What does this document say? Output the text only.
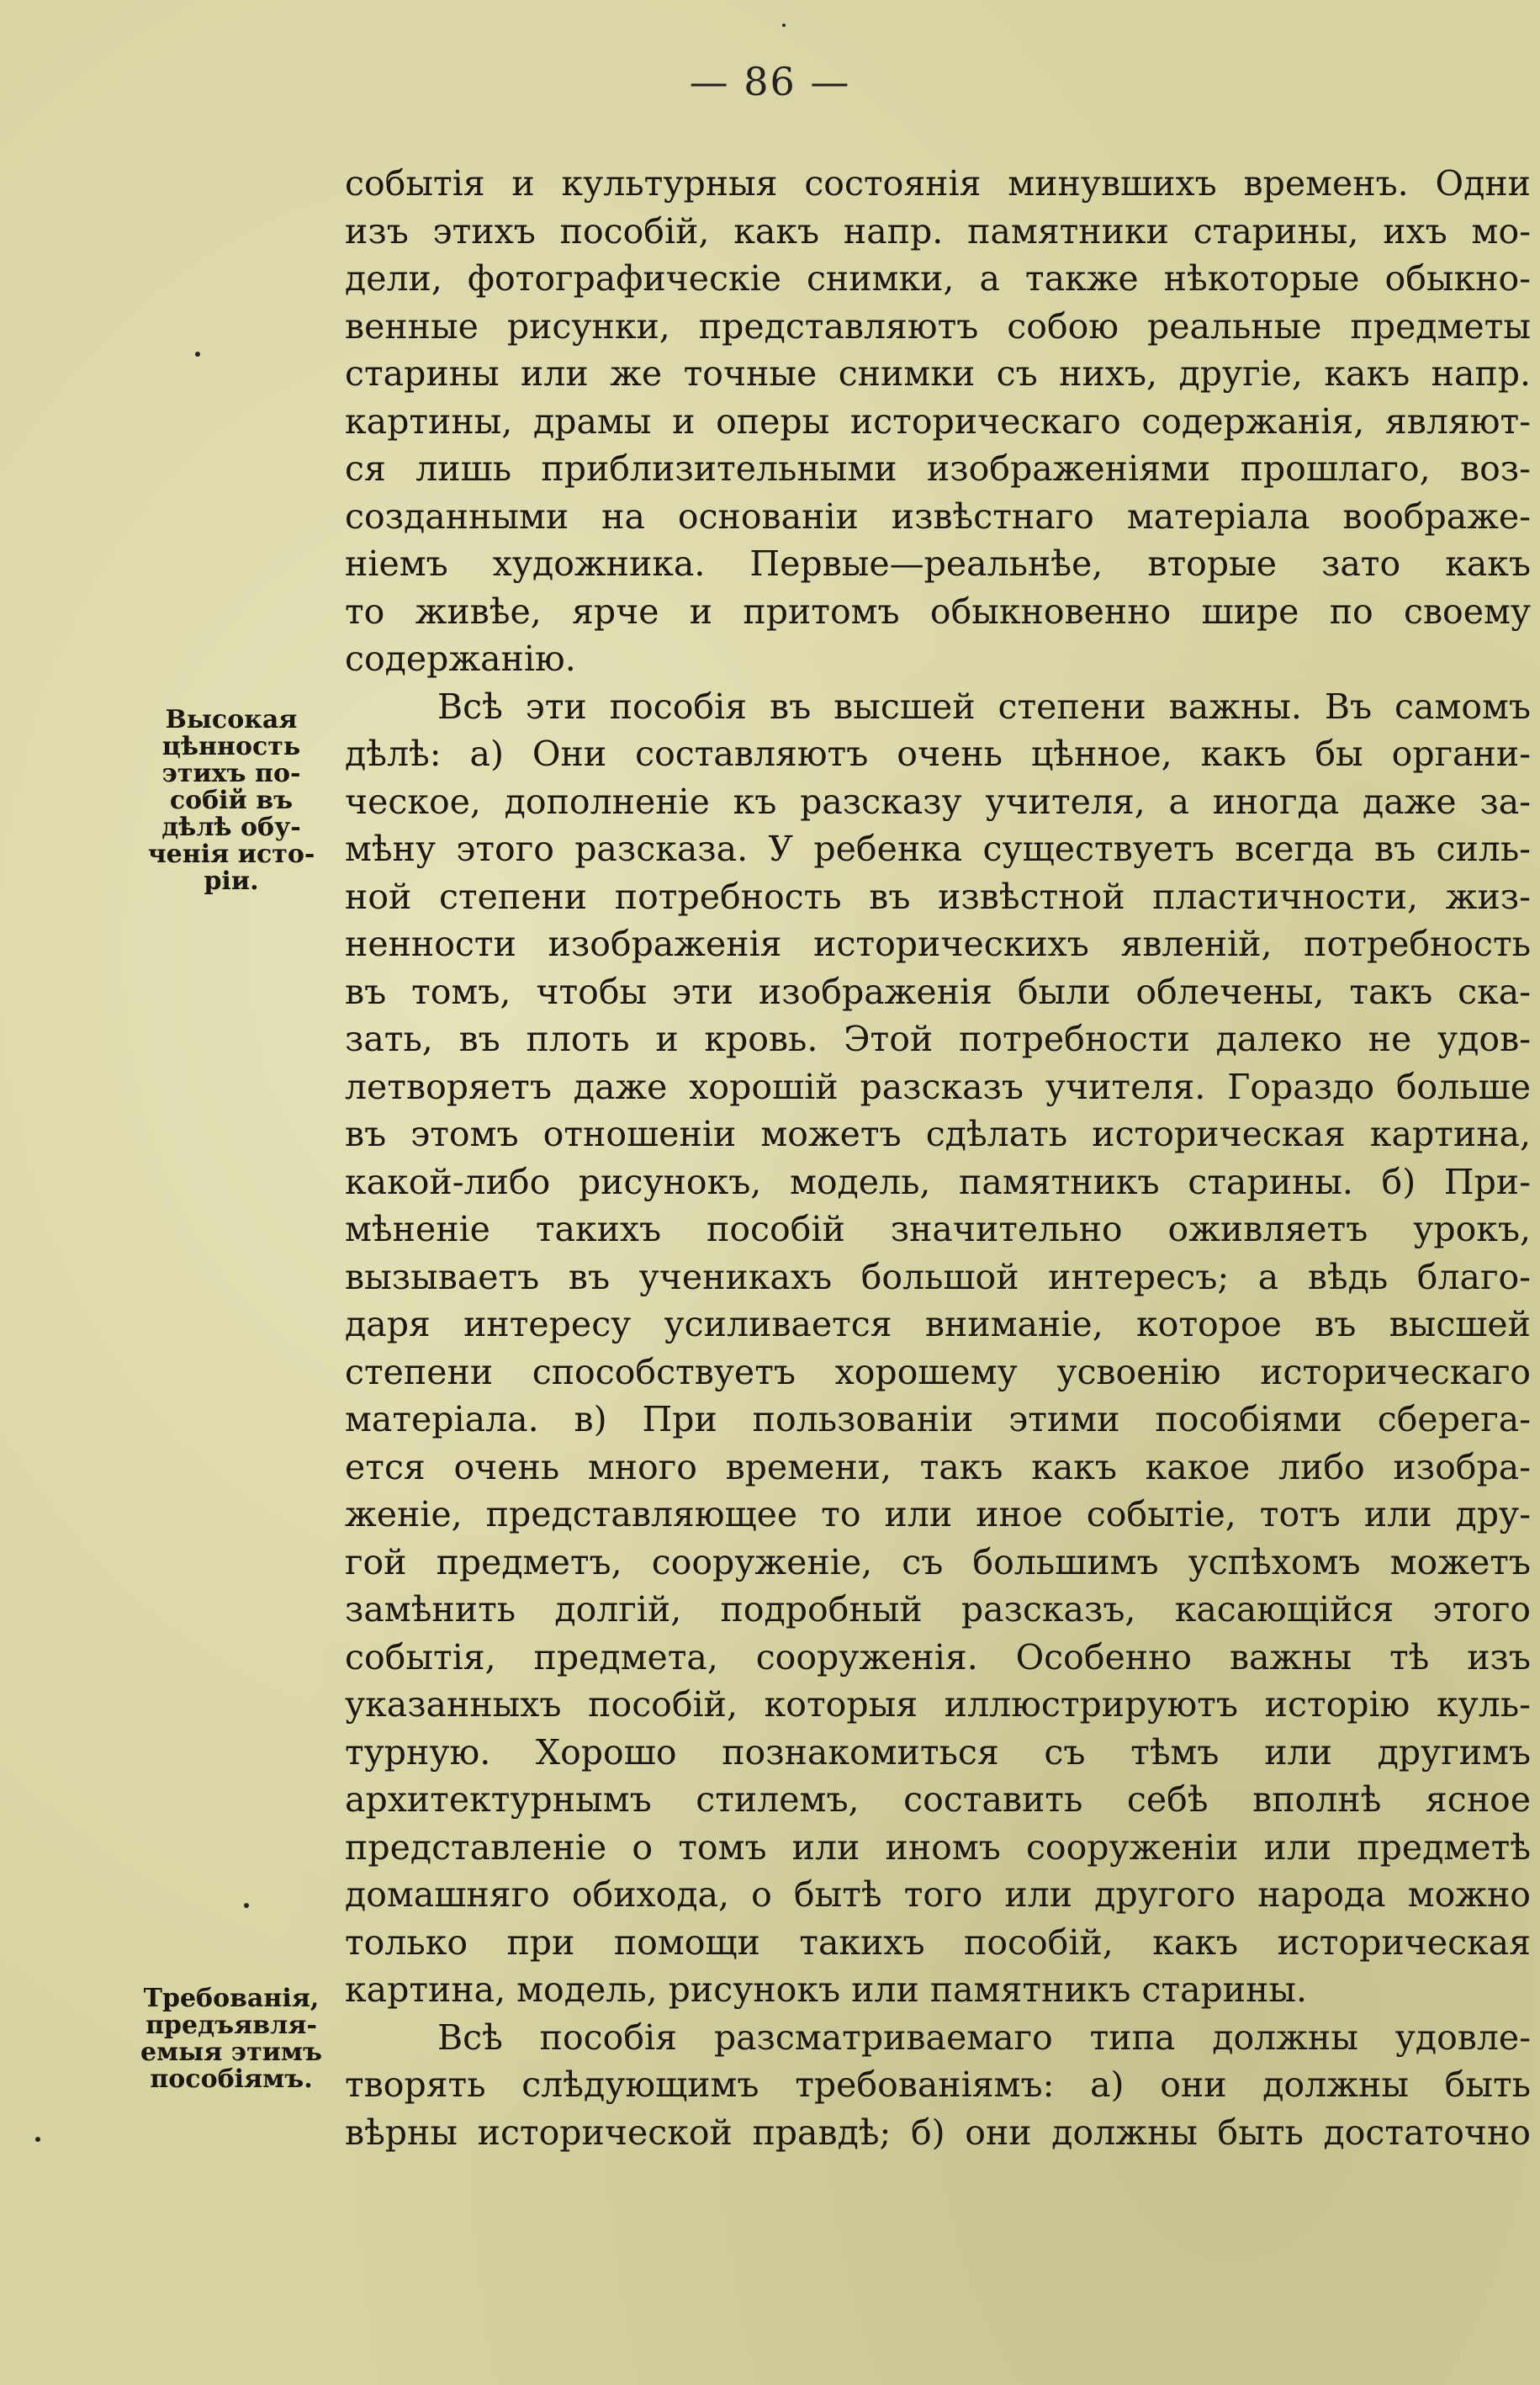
— 86 —
Высокая
цѣнность
этихъ по-
собій въ
дѣлѣ обу-
ченія исто-
ріи.
Требованія,
предъявля-
емыя этимъ
пособіямъ.
событія и культурныя состоянія минувшихъ временъ. Одни
изъ этихъ пособій, какъ напр. памятники старины, ихъ мо-
дели, фотографическіе снимки, а также нѣкоторые обыкно-
венные рисунки, представляютъ собою реальные предметы
старины или же точные снимки съ нихъ, другіе, какъ напр.
картины, драмы и оперы историческаго содержанія, являют-
ся лишь приблизительными изображеніями прошлаго, воз-
созданными на основаніи извѣстнаго матеріала воображе-
ніемъ художника. Первые—реальнѣе, вторые зато какъ
то живѣе, ярче и притомъ обыкновенно шире по своему
содержанію.
Всѣ эти пособія въ высшей степени важны. Въ самомъ
дѣлѣ: а) Они составляютъ очень цѣнное, какъ бы органи-
ческое, дополненіе къ разсказу учителя, а иногда даже за-
мѣну этого разсказа. У ребенка существуетъ всегда въ силь-
ной степени потребность въ извѣстной пластичности, жиз-
ненности изображенія историческихъ явленій, потребность
въ томъ, чтобы эти изображенія были облечены, такъ ска-
зать, въ плоть и кровь. Этой потребности далеко не удов-
летворяетъ даже хорошій разсказъ учителя. Гораздо больше
въ этомъ отношеніи можетъ сдѣлать историческая картина,
какой-либо рисунокъ, модель, памятникъ старины. б) При-
мѣненіе такихъ пособій значительно оживляетъ урокъ,
вызываетъ въ ученикахъ большой интересъ; а вѣдь благо-
даря интересу усиливается вниманіе, которое въ высшей
степени способствуетъ хорошему усвоенію историческаго
матеріала. в) При пользованіи этими пособіями сберега-
ется очень много времени, такъ какъ какое либо изобра-
женіе, представляющее то или иное событіе, тотъ или дру-
гой предметъ, сооруженіе, съ большимъ успѣхомъ можетъ
замѣнить долгій, подробный разсказъ, касающійся этого
событія, предмета, сооруженія. Особенно важны тѣ изъ
указанныхъ пособій, которыя иллюстрируютъ исторію куль-
турную. Хорошо познакомиться съ тѣмъ или другимъ
архитектурнымъ стилемъ, составить себѣ вполнѣ ясное
представленіе о томъ или иномъ сооруженіи или предметѣ
домашняго обихода, о бытѣ того или другого народа можно
только при помощи такихъ пособій, какъ историческая
картина, модель, рисунокъ или памятникъ старины.
Всѣ пособія разсматриваемаго типа должны удовле-
творять слѣдующимъ требованіямъ: а) они должны быть
вѣрны исторической правдѣ; б) они должны быть достаточно
